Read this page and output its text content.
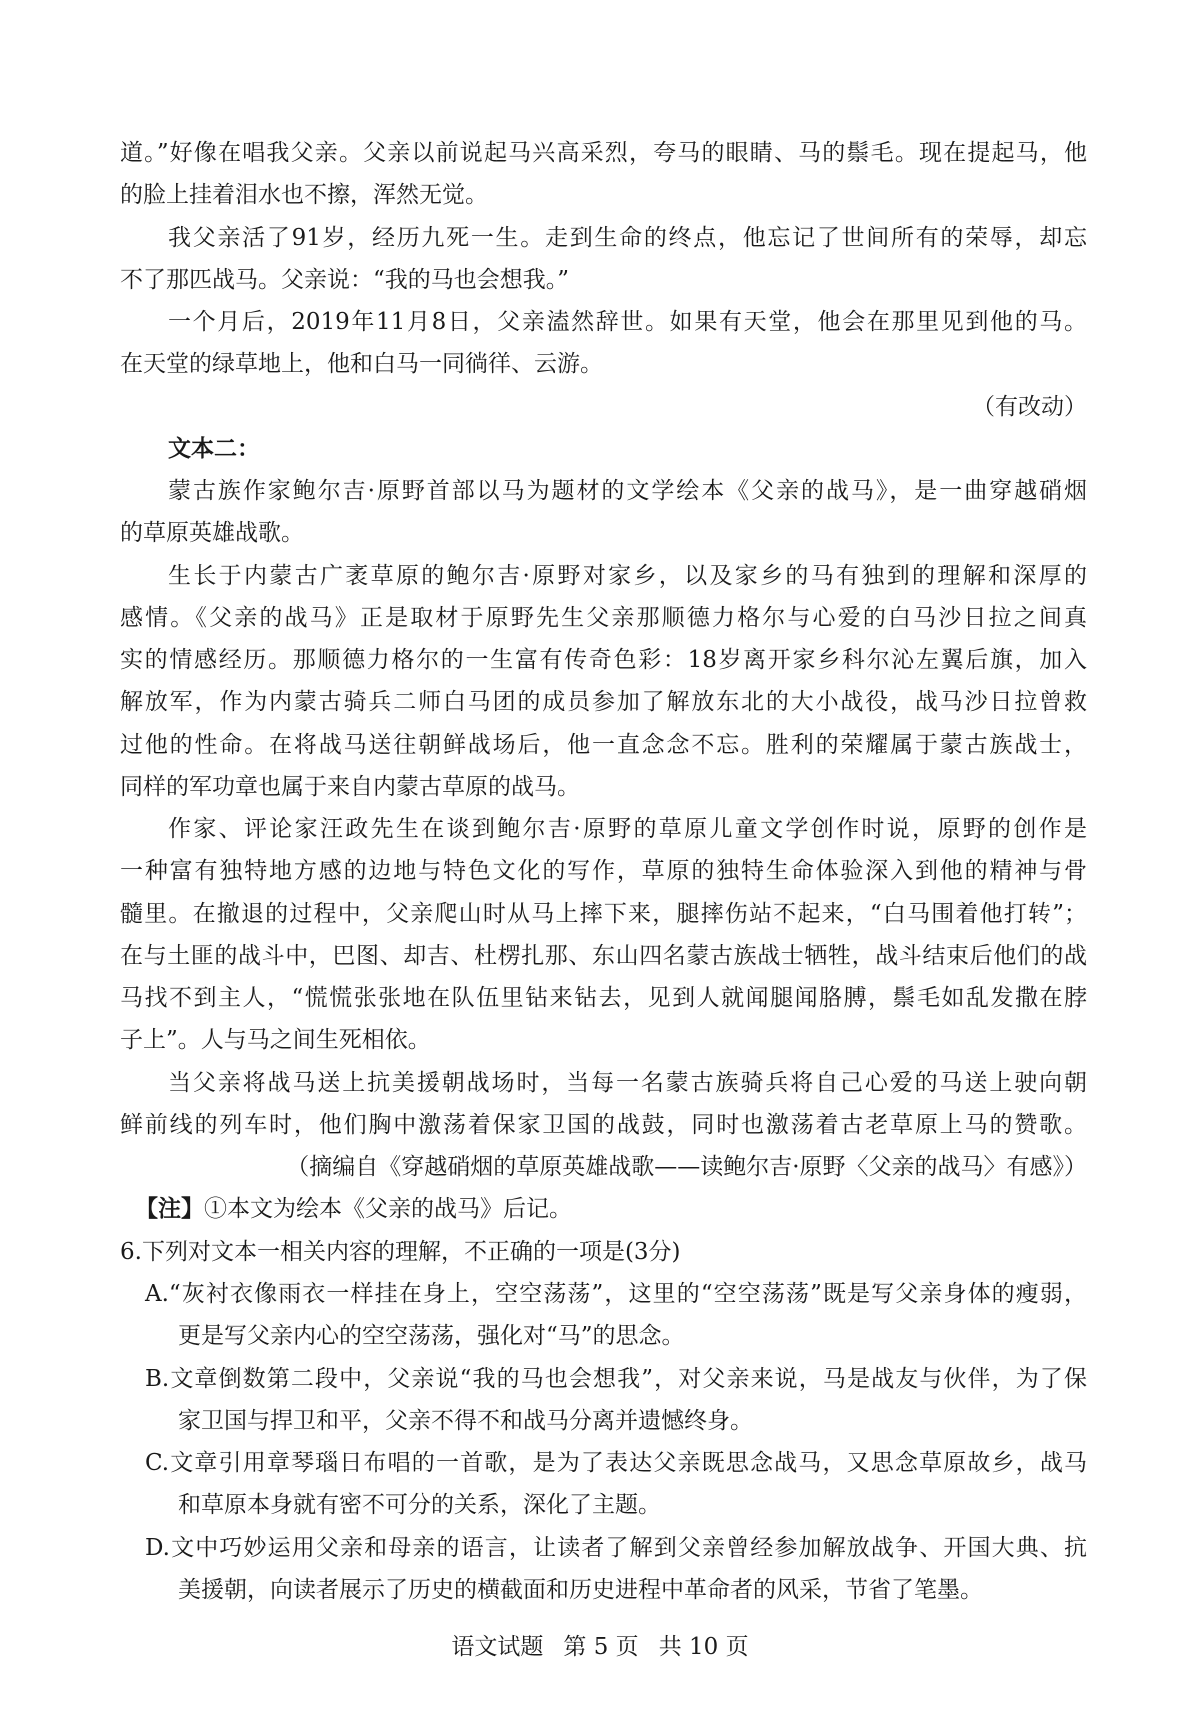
道。”好像在唱我父亲。父亲以前说起马兴高采烈，夸马的眼睛、马的鬃毛。现在提起马，他
的脸上挂着泪水也不擦，浑然无觉。
我父亲活了91岁，经历九死一生。走到生命的终点，他忘记了世间所有的荣辱，却忘
不了那匹战马。父亲说：“我的马也会想我。”
一个月后，2019年11月8日，父亲溘然辞世。如果有天堂，他会在那里见到他的马。
在天堂的绿草地上，他和白马一同徜徉、云游。
（有改动）
文本二：
蒙古族作家鲍尔吉·原野首部以马为题材的文学绘本《父亲的战马》，是一曲穿越硝烟
的草原英雄战歌。
生长于内蒙古广袤草原的鲍尔吉·原野对家乡，以及家乡的马有独到的理解和深厚的
感情。《父亲的战马》正是取材于原野先生父亲那顺德力格尔与心爱的白马沙日拉之间真
实的情感经历。那顺德力格尔的一生富有传奇色彩：18岁离开家乡科尔沁左翼后旗，加入
解放军，作为内蒙古骑兵二师白马团的成员参加了解放东北的大小战役，战马沙日拉曾救
过他的性命。在将战马送往朝鲜战场后，他一直念念不忘。胜利的荣耀属于蒙古族战士，
同样的军功章也属于来自内蒙古草原的战马。
作家、评论家汪政先生在谈到鲍尔吉·原野的草原儿童文学创作时说，原野的创作是
一种富有独特地方感的边地与特色文化的写作，草原的独特生命体验深入到他的精神与骨
髓里。在撤退的过程中，父亲爬山时从马上摔下来，腿摔伤站不起来，“白马围着他打转”；
在与土匪的战斗中，巴图、却吉、杜楞扎那、东山四名蒙古族战士牺牲，战斗结束后他们的战
马找不到主人，“慌慌张张地在队伍里钻来钻去，见到人就闻腿闻胳膊，鬃毛如乱发撒在脖
子上”。人与马之间生死相依。
当父亲将战马送上抗美援朝战场时，当每一名蒙古族骑兵将自己心爱的马送上驶向朝
鲜前线的列车时，他们胸中激荡着保家卫国的战鼓，同时也激荡着古老草原上马的赞歌。
（摘编自《穿越硝烟的草原英雄战歌——读鲍尔吉·原野〈父亲的战马〉有感》）
【注】①本文为绘本《父亲的战马》后记。
6.下列对文本一相关内容的理解，不正确的一项是(3分)
A.“灰衬衣像雨衣一样挂在身上，空空荡荡”，这里的“空空荡荡”既是写父亲身体的瘦弱，
更是写父亲内心的空空荡荡，强化对“马”的思念。
B.文章倒数第二段中，父亲说“我的马也会想我”，对父亲来说，马是战友与伙伴，为了保
家卫国与捍卫和平，父亲不得不和战马分离并遗憾终身。
C.文章引用章琴瑙日布唱的一首歌，是为了表达父亲既思念战马，又思念草原故乡，战马
和草原本身就有密不可分的关系，深化了主题。
D.文中巧妙运用父亲和母亲的语言，让读者了解到父亲曾经参加解放战争、开国大典、抗
美援朝，向读者展示了历史的横截面和历史进程中革命者的风采，节省了笔墨。
语文试题 第 5 页 共 10 页
